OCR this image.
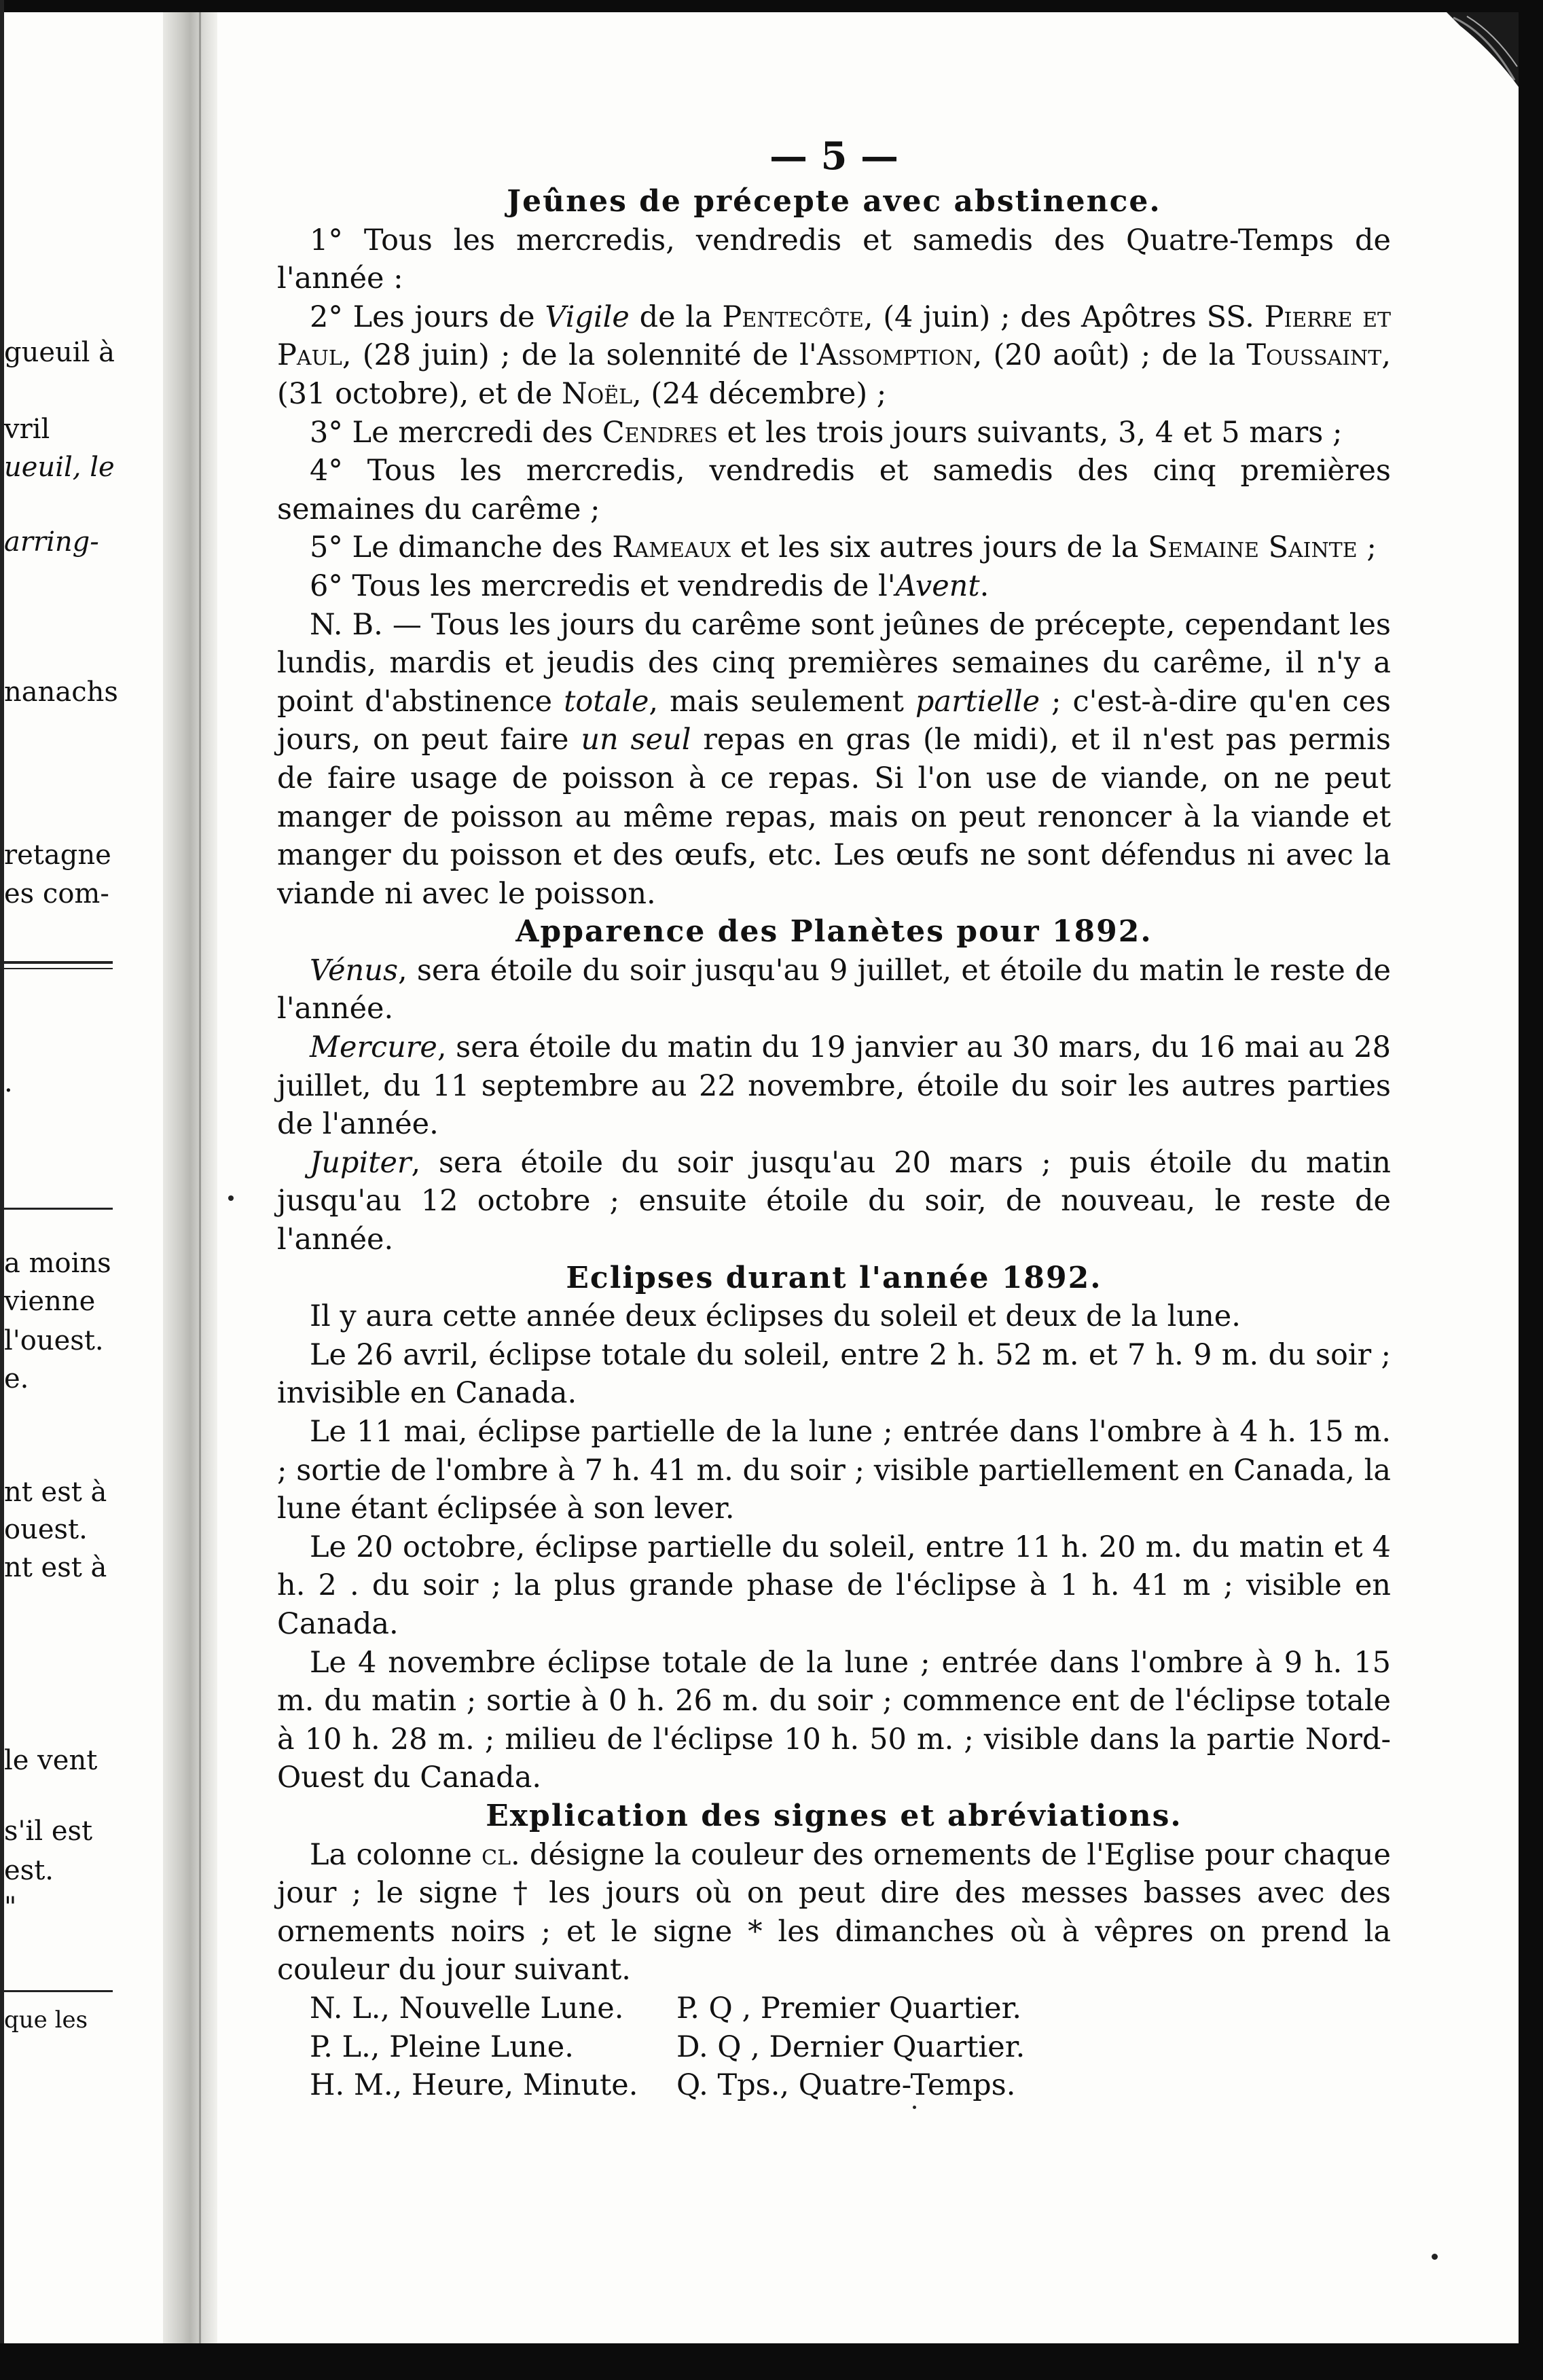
gueuil à
vril
ueuil, le
arring-
nanachs
retagne
es com-
.
a moins
vienne
l'ouest.
e.
nt est à
ouest.
nt est à
le vent
s'il est
est.
"
que les
— 5 —

Jeûnes de précepte avec abstinence.

1° Tous les mercredis, vendredis et samedis des Quatre-Temps de l'année :

2° Les jours de Vigile de la Pentecôte, (4 juin) ; des Apôtres SS. Pierre et Paul, (28 juin) ; de la solennité de l'Assomption, (20 août) ; de la Toussaint, (31 octobre), et de Noël, (24 décembre) ;

3° Le mercredi des Cendres et les trois jours suivants, 3, 4 et 5 mars ;

4° Tous les mercredis, vendredis et samedis des cinq premières semaines du carême ;

5° Le dimanche des Rameaux et les six autres jours de la Semaine Sainte ;

6° Tous les mercredis et vendredis de l'Avent.

N. B. — Tous les jours du carême sont jeûnes de précepte, cependant les lundis, mardis et jeudis des cinq premières semaines du carême, il n'y a point d'abstinence totale, mais seulement partielle ; c'est-à-dire qu'en ces jours, on peut faire un seul repas en gras (le midi), et il n'est pas permis de faire usage de poisson à ce repas. Si l'on use de viande, on ne peut manger de poisson au même repas, mais on peut renoncer à la viande et manger du poisson et des œufs, etc. Les œufs ne sont défendus ni avec la viande ni avec le poisson.

Apparence des Planètes pour 1892.

Vénus, sera étoile du soir jusqu'au 9 juillet, et étoile du matin le reste de l'année.

Mercure, sera étoile du matin du 19 janvier au 30 mars, du 16 mai au 28 juillet, du 11 septembre au 22 novembre, étoile du soir les autres parties de l'année.

Jupiter, sera étoile du soir jusqu'au 20 mars ; puis étoile du matin jusqu'au 12 octobre ; ensuite étoile du soir, de nouveau, le reste de l'année.

Eclipses durant l'année 1892.

Il y aura cette année deux éclipses du soleil et deux de la lune.

Le 26 avril, éclipse totale du soleil, entre 2 h. 52 m. et 7 h. 9 m. du soir ; invisible en Canada.

Le 11 mai, éclipse partielle de la lune ; entrée dans l'ombre à 4 h. 15 m. ; sortie de l'ombre à 7 h. 41 m. du soir ; visible partiellement en Canada, la lune étant éclipsée à son lever.

Le 20 octobre, éclipse partielle du soleil, entre 11 h. 20 m. du matin et 4 h. 2 . du soir ; la plus grande phase de l'éclipse à 1 h. 41 m ; visible en Canada.

Le 4 novembre éclipse totale de la lune ; entrée dans l'ombre à 9 h. 15 m. du matin ; sortie à 0 h. 26 m. du soir ; commence ent de l'éclipse totale à 10 h. 28 m. ; milieu de l'éclipse 10 h. 50 m. ; visible dans la partie Nord-Ouest du Canada.

Explication des signes et abréviations.

La colonne cl. désigne la couleur des ornements de l'Eglise pour chaque jour ; le signe † les jours où on peut dire des messes basses avec des ornements noirs ; et le signe * les dimanches où à vêpres on prend la couleur du jour suivant.

N. L., Nouvelle Lune.	P. Q , Premier Quartier.
P. L., Pleine Lune.	D. Q , Dernier Quartier.
H. M., Heure, Minute.	Q. Tps., Quatre-Temps.
